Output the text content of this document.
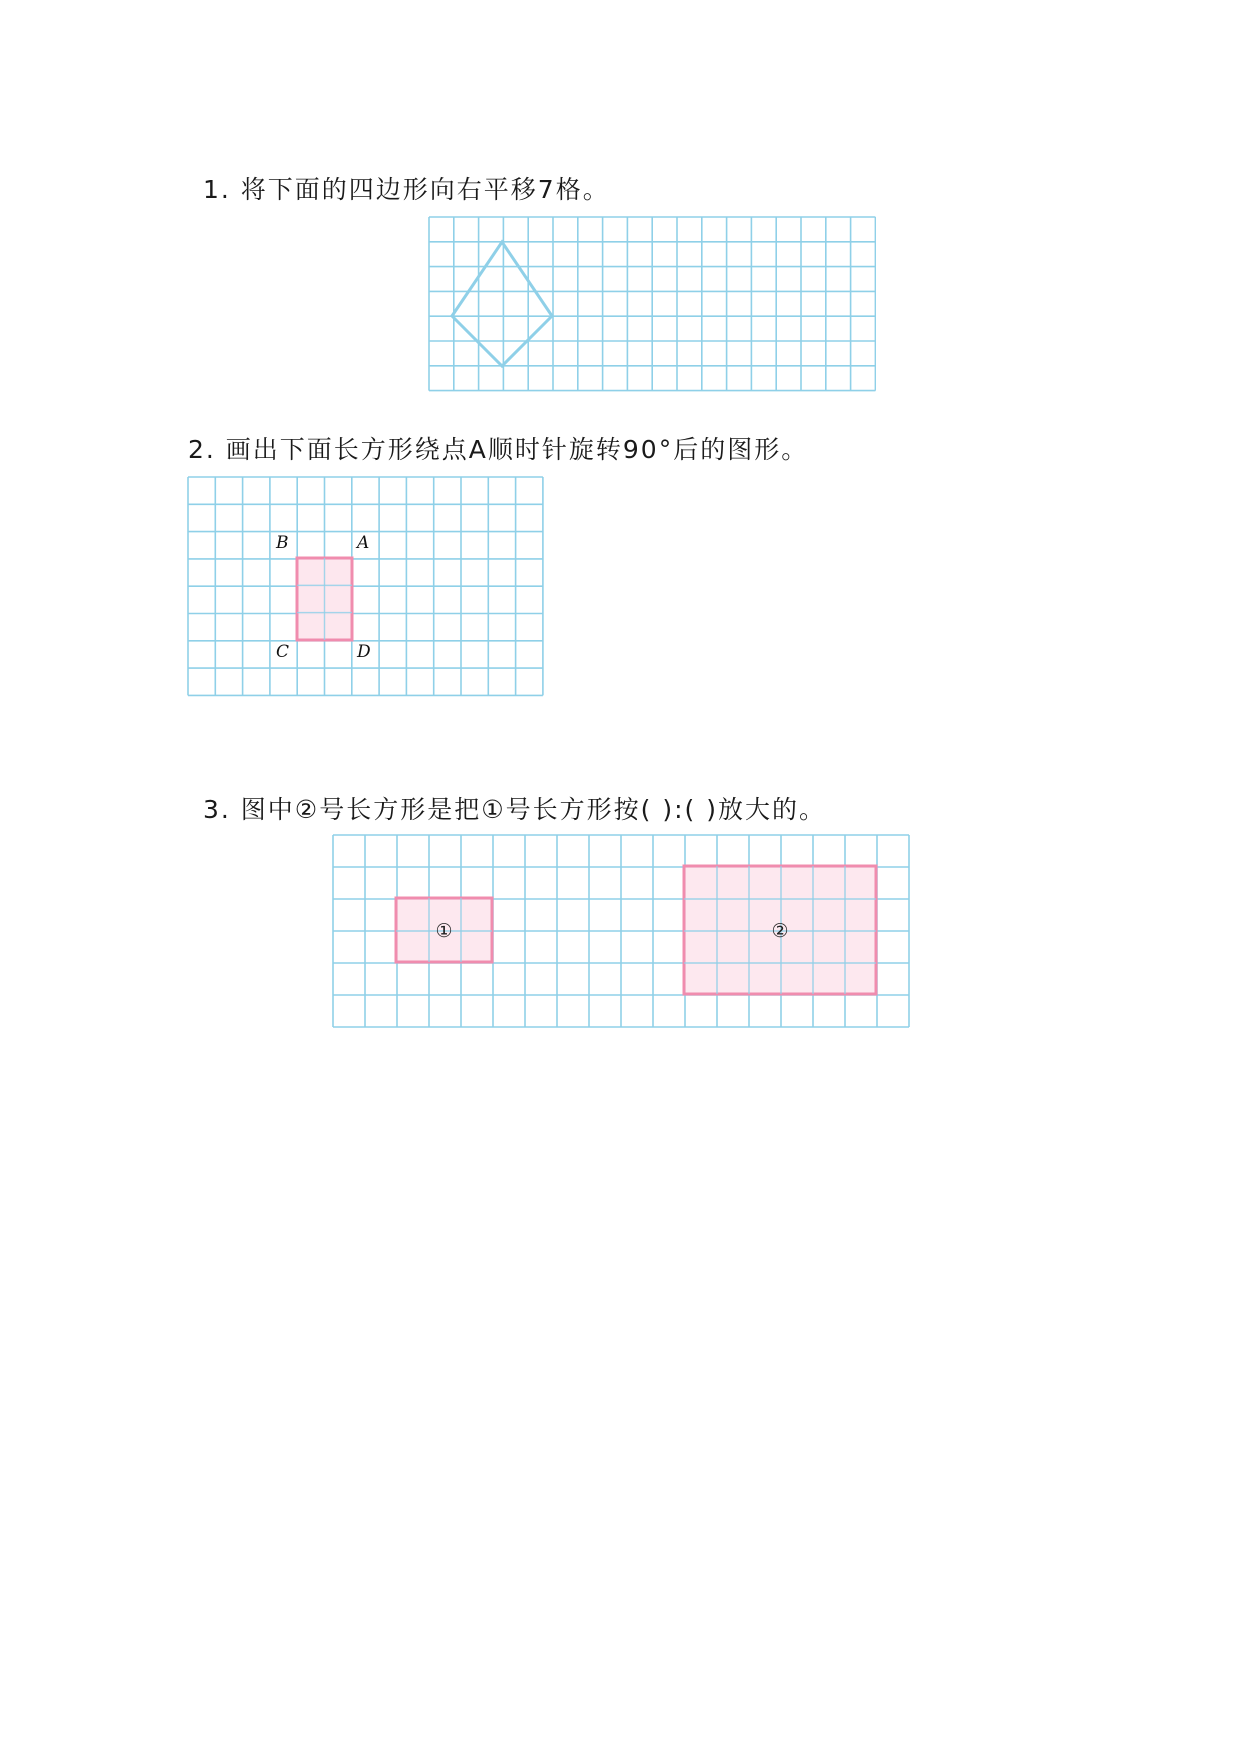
1. 将下面的四边形向右平移7格。
2. 画出下面长方形绕点A顺时针旋转90°后的图形。
B	A
C	D
3. 图中②号长方形是把①号长方形按( ):( )放大的。
①	②
